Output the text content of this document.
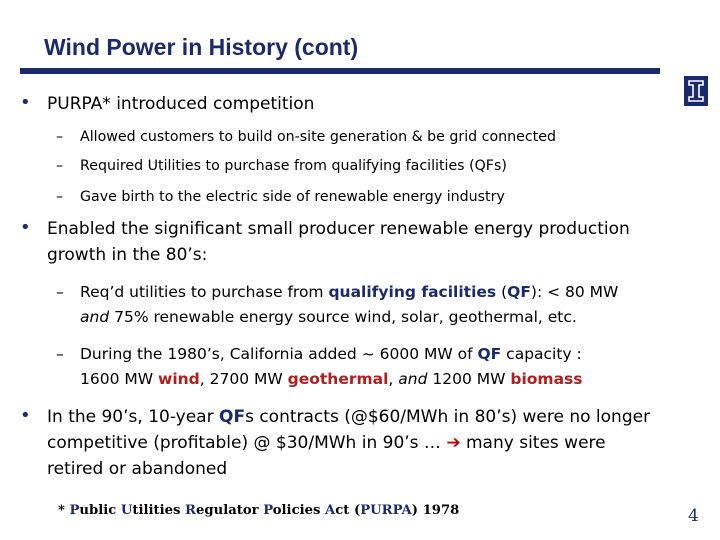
Wind Power in History (cont)
• PURPA* introduced competition
– Allowed customers to build on-site generation & be grid connected
– Required Utilities to purchase from qualifying facilities (QFs)
– Gave birth to the electric side of renewable energy industry
• Enabled the significant small producer renewable energy production
growth in the 80’s:
– Req’d utilities to purchase from qualifying facilities (QF): < 80 MW
and 75% renewable energy source wind, solar, geothermal, etc.
– During the 1980’s, California added ~ 6000 MW of QF capacity :
1600 MW wind, 2700 MW geothermal, and 1200 MW biomass
• In the 90’s, 10-year QFs contracts (@$60/MWh in 80’s) were no longer
competitive (profitable) @ $30/MWh in 90’s … ➔ many sites were
retired or abandoned
* Public Utilities Regulator Policies Act (PURPA) 1978	4
